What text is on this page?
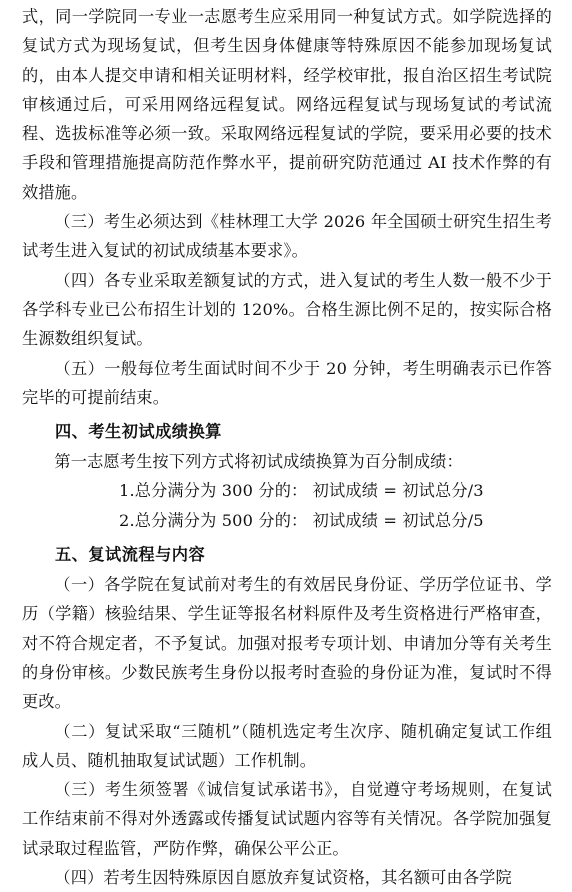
式，同一学院同一专业一志愿考生应采用同一种复试方式。如学院选择的复试方式为现场复试，但考生因身体健康等特殊原因不能参加现场复试的，由本人提交申请和相关证明材料，经学校审批，报自治区招生考试院审核通过后，可采用网络远程复试。网络远程复试与现场复试的考试流程、选拔标准等必须一致。采取网络远程复试的学院，要采用必要的技术手段和管理措施提高防范作弊水平，提前研究防范通过 AI 技术作弊的有效措施。

（三）考生必须达到《桂林理工大学 2026 年全国硕士研究生招生考试考生进入复试的初试成绩基本要求》。

（四）各专业采取差额复试的方式，进入复试的考生人数一般不少于各学科专业已公布招生计划的 120%。合格生源比例不足的，按实际合格生源数组织复试。

（五）一般每位考生面试时间不少于 20 分钟，考生明确表示已作答完毕的可提前结束。

四、考生初试成绩换算

第一志愿考生按下列方式将初试成绩换算为百分制成绩：

1.总分满分为 300 分的： 初试成绩 = 初试总分/3

2.总分满分为 500 分的： 初试成绩 = 初试总分/5

五、复试流程与内容

（一）各学院在复试前对考生的有效居民身份证、学历学位证书、学历（学籍）核验结果、学生证等报名材料原件及考生资格进行严格审查，对不符合规定者，不予复试。加强对报考专项计划、申请加分等有关考生的身份审核。少数民族考生身份以报考时查验的身份证为准，复试时不得更改。

（二）复试采取“三随机”（随机选定考生次序、随机确定复试工作组成人员、随机抽取复试试题）工作机制。

（三）考生须签署《诚信复试承诺书》，自觉遵守考场规则，在复试工作结束前不得对外透露或传播复试试题内容等有关情况。各学院加强复试录取过程监管，严防作弊，确保公平公正。

（四）若考生因特殊原因自愿放弃复试资格，其名额可由各学院
